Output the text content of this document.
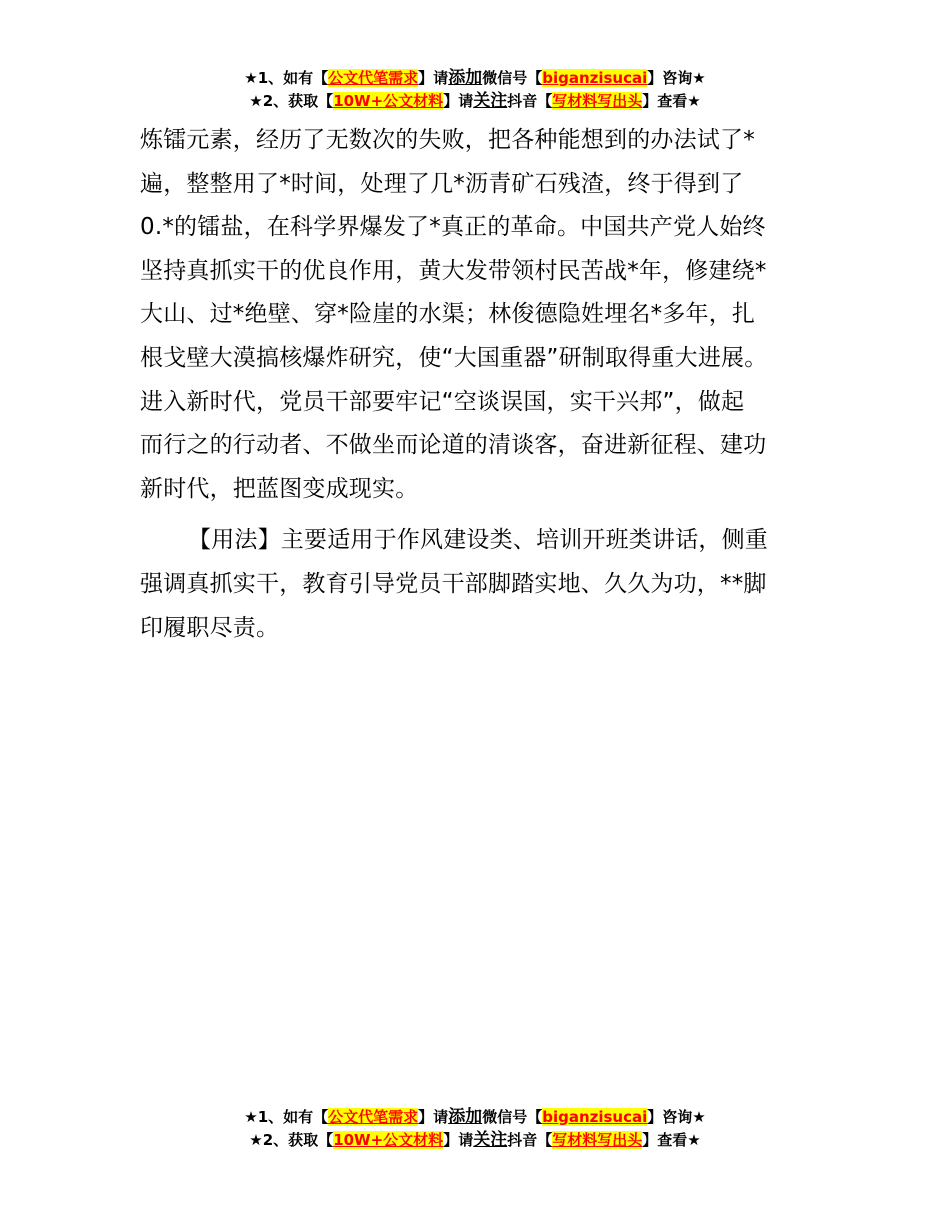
★1、如有【公文代笔需求】请添加微信号【biganzisucai】咨询★
★2、获取【10W+公文材料】请关注抖音【写材料写出头】查看★

炼镭元素，经历了无数次的失败，把各种能想到的办法试了*
遍，整整用了*时间，处理了几*沥青矿石残渣，终于得到了
0.*的镭盐，在科学界爆发了*真正的革命。中国共产党人始终
坚持真抓实干的优良作用，黄大发带领村民苦战*年，修建绕*
大山、过*绝壁、穿*险崖的水渠；林俊德隐姓埋名*多年，扎
根戈壁大漠搞核爆炸研究，使“大国重器”研制取得重大进展。
进入新时代，党员干部要牢记“空谈误国，实干兴邦”，做起
而行之的行动者、不做坐而论道的清谈客，奋进新征程、建功
新时代，把蓝图变成现实。

【用法】主要适用于作风建设类、培训开班类讲话，侧重
强调真抓实干，教育引导党员干部脚踏实地、久久为功，**脚
印履职尽责。

★1、如有【公文代笔需求】请添加微信号【biganzisucai】咨询★
★2、获取【10W+公文材料】请关注抖音【写材料写出头】查看★
